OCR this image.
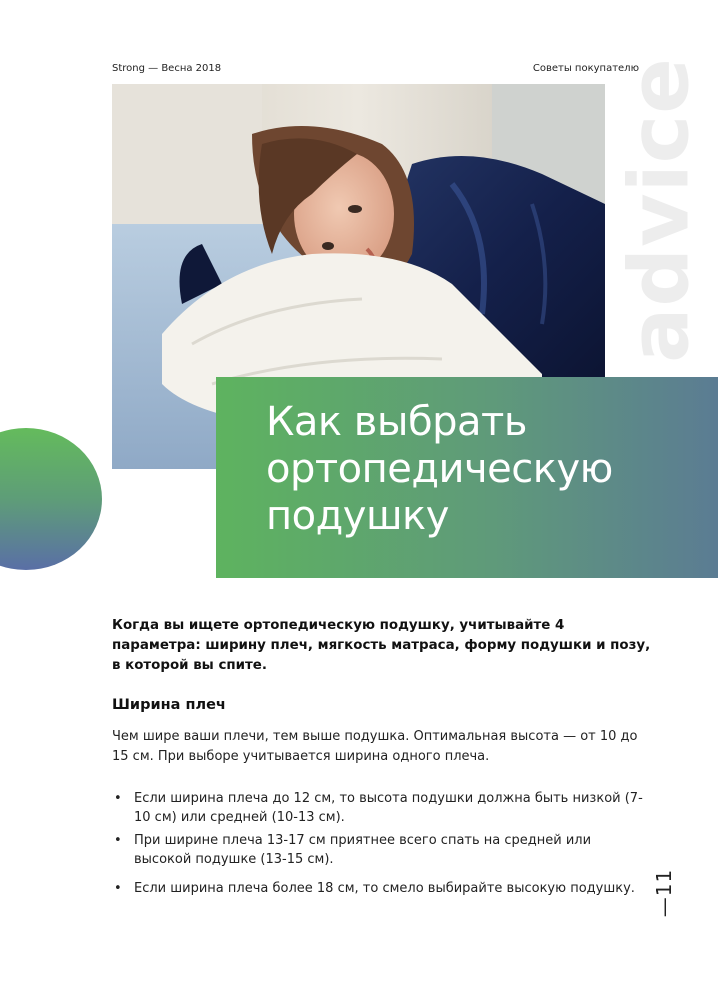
Strong — Весна 2018	Советы покупателю
advice
Как выбрать
ортопедическую
подушку

Когда вы ищете ортопедическую подушку, учитывайте 4 параметра: ширину плеч, мягкость матраса, форму подушки и позу, в которой вы спите.

Ширина плеч

Чем шире ваши плечи, тем выше подушка. Оптимальная высота — от 10 до 15 см. При выборе учитывается ширина одного плеча.

• Если ширина плеча до 12 см, то высота подушки должна быть низкой (7-10 см) или средней (10-13 см).
• При ширине плеча 13-17 см приятнее всего спать на средней или высокой подушке (13-15 см).
• Если ширина плеча более 18 см, то смело выбирайте высокую подушку. —11
